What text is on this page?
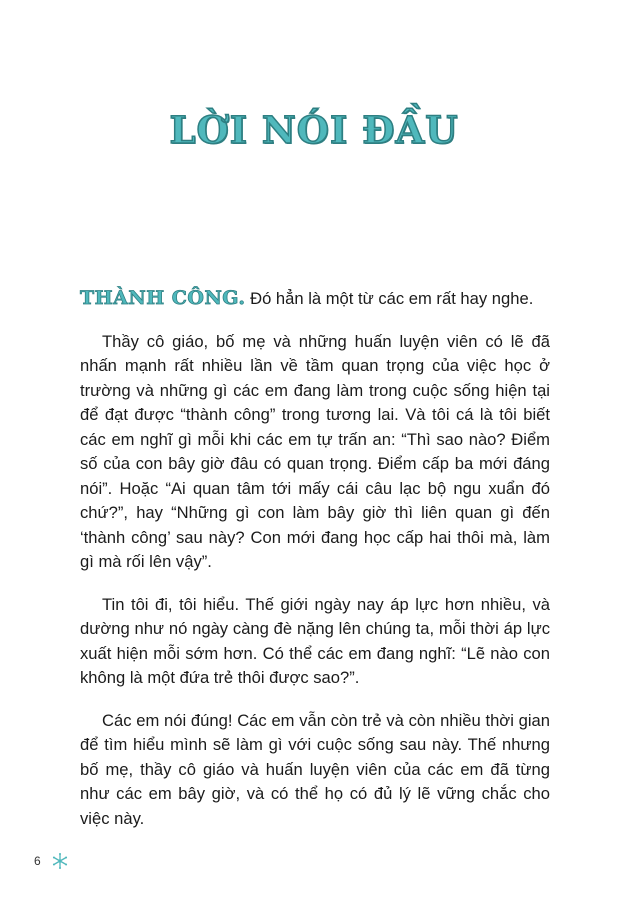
LỜI NÓI ĐẦU

THÀNH CÔNG. Đó hẳn là một từ các em rất hay nghe.

Thầy cô giáo, bố mẹ và những huấn luyện viên có lẽ đã nhấn mạnh rất nhiều lần về tầm quan trọng của việc học ở trường và những gì các em đang làm trong cuộc sống hiện tại để đạt được “thành công” trong tương lai. Và tôi cá là tôi biết các em nghĩ gì mỗi khi các em tự trấn an: “Thì sao nào? Điểm số của con bây giờ đâu có quan trọng. Điểm cấp ba mới đáng nói”. Hoặc “Ai quan tâm tới mấy cái câu lạc bộ ngu xuẩn đó chứ?”, hay “Những gì con làm bây giờ thì liên quan gì đến ‘thành công’ sau này? Con mới đang học cấp hai thôi mà, làm gì mà rối lên vậy”.

Tin tôi đi, tôi hiểu. Thế giới ngày nay áp lực hơn nhiều, và dường như nó ngày càng đè nặng lên chúng ta, mỗi thời áp lực xuất hiện mỗi sớm hơn. Có thể các em đang nghĩ: “Lẽ nào con không là một đứa trẻ thôi được sao?”.

Các em nói đúng! Các em vẫn còn trẻ và còn nhiều thời gian để tìm hiểu mình sẽ làm gì với cuộc sống sau này. Thế nhưng bố mẹ, thầy cô giáo và huấn luyện viên của các em đã từng như các em bây giờ, và có thể họ có đủ lý lẽ vững chắc cho việc này.

6
